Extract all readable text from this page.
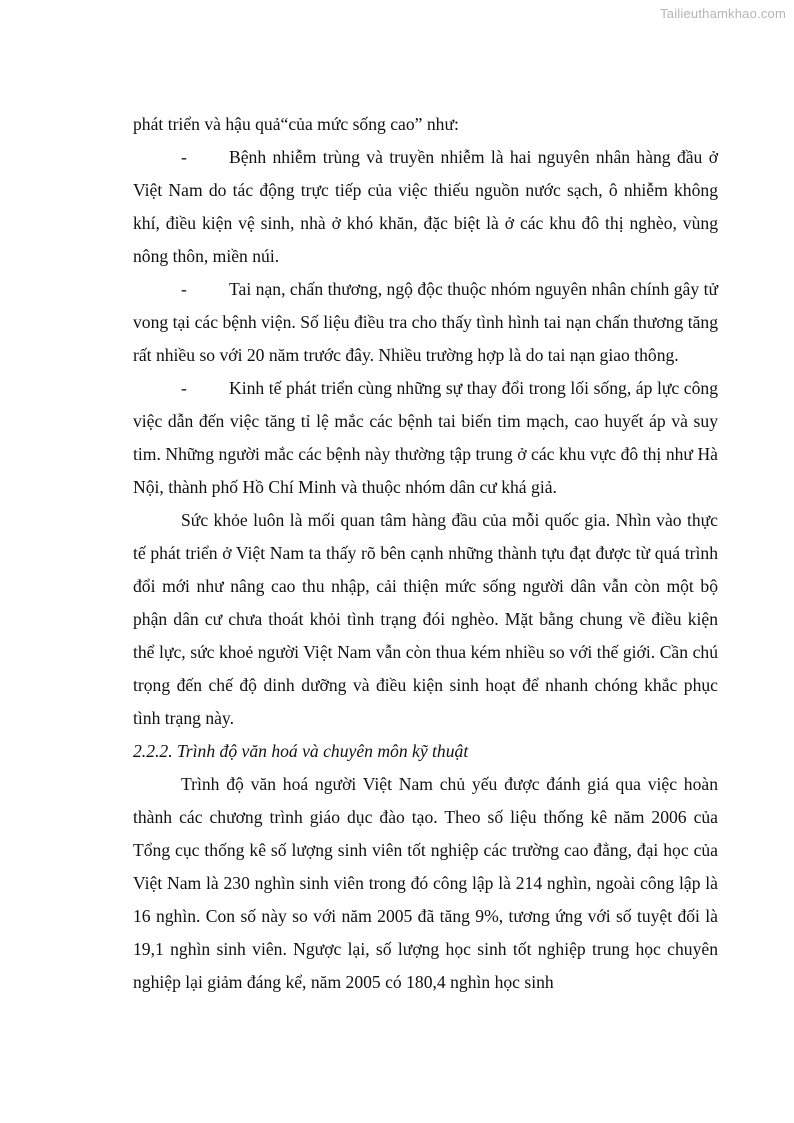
Tailieuthamkhao.com

phát triển và hậu quả“của mức sống cao” như:

- Bệnh nhiễm trùng và truyền nhiễm là hai nguyên nhân hàng đầu ở Việt Nam do tác động trực tiếp của việc thiếu nguồn nước sạch, ô nhiễm không khí, điều kiện vệ sinh, nhà ở khó khăn, đặc biệt là ở các khu đô thị nghèo, vùng nông thôn, miền núi.

- Tai nạn, chấn thương, ngộ độc thuộc nhóm nguyên nhân chính gây tử vong tại các bệnh viện. Số liệu điều tra cho thấy tình hình tai nạn chấn thương tăng rất nhiều so với 20 năm trước đây. Nhiều trường hợp là do tai nạn giao thông.

- Kinh tế phát triển cùng những sự thay đổi trong lối sống, áp lực công việc dẫn đến việc tăng tỉ lệ mắc các bệnh tai biến tim mạch, cao huyết áp và suy tim. Những người mắc các bệnh này thường tập trung ở các khu vực đô thị như Hà Nội, thành phố Hồ Chí Minh và thuộc nhóm dân cư khá giả.

Sức khỏe luôn là mối quan tâm hàng đầu của mỗi quốc gia. Nhìn vào thực tế phát triển ở Việt Nam ta thấy rõ bên cạnh những thành tựu đạt được từ quá trình đổi mới như nâng cao thu nhập, cải thiện mức sống người dân vẫn còn một bộ phận dân cư chưa thoát khỏi tình trạng đói nghèo. Mặt bằng chung về điều kiện thể lực, sức khoẻ người Việt Nam vẫn còn thua kém nhiều so với thế giới. Cần chú trọng đến chế độ dinh dưỡng và điều kiện sinh hoạt để nhanh chóng khắc phục tình trạng này.

2.2.2. Trình độ văn hoá và chuyên môn kỹ thuật

Trình độ văn hoá người Việt Nam chủ yếu được đánh giá qua việc hoàn thành các chương trình giáo dục đào tạo. Theo số liệu thống kê năm 2006 của Tổng cục thống kê số lượng sinh viên tốt nghiệp các trường cao đẳng, đại học của Việt Nam là 230 nghìn sinh viên trong đó công lập là 214 nghìn, ngoài công lập là 16 nghìn. Con số này so với năm 2005 đã tăng 9%, tương ứng với số tuyệt đối là 19,1 nghìn sinh viên. Ngược lại, số lượng học sinh tốt nghiệp trung học chuyên nghiệp lại giảm đáng kể, năm 2005 có 180,4 nghìn học sinh
